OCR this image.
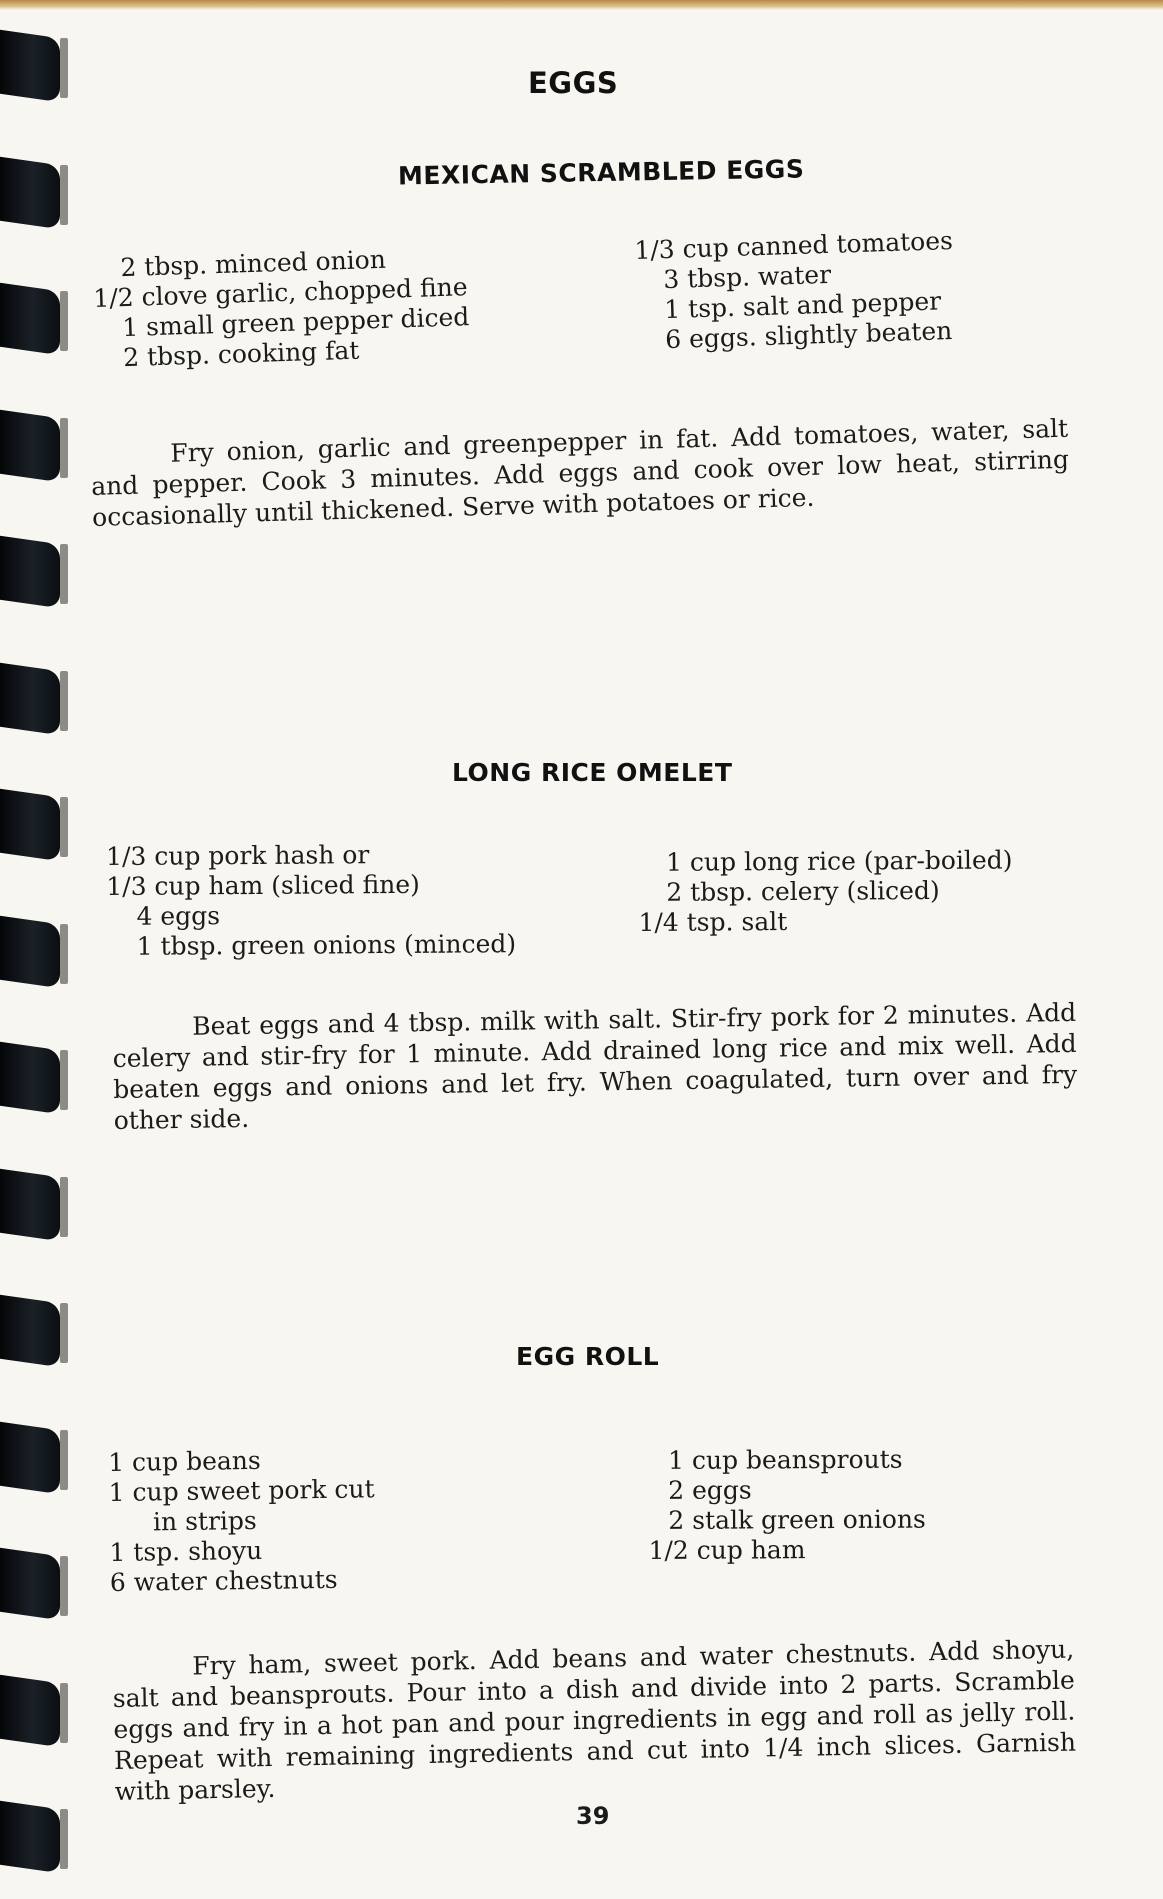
EGGS
MEXICAN SCRAMBLED EGGS
2 tbsp. minced onion
1/2 clove garlic, chopped fine
1 small green pepper diced
2 tbsp. cooking fat
1/3 cup canned tomatoes
3 tbsp. water
1 tsp. salt and pepper
6 eggs. slightly beaten
Fry onion, garlic and greenpepper in fat. Add tomatoes, water, salt and pepper. Cook 3 minutes. Add eggs and cook over low heat, stirring occasionally until thickened. Serve with potatoes or rice.
LONG RICE OMELET
1/3 cup pork hash or
1/3 cup ham (sliced fine)
4 eggs
1 tbsp. green onions (minced)
1 cup long rice (par-boiled)
2 tbsp. celery (sliced)
1/4 tsp. salt
Beat eggs and 4 tbsp. milk with salt. Stir-fry pork for 2 minutes. Add celery and stir-fry for 1 minute. Add drained long rice and mix well. Add beaten eggs and onions and let fry. When coagulated, turn over and fry other side.
EGG ROLL
1 cup beans
1 cup sweet pork cut
in strips
1 tsp. shoyu
6 water chestnuts
1 cup beansprouts
2 eggs
2 stalk green onions
1/2 cup ham
Fry ham, sweet pork. Add beans and water chestnuts. Add shoyu, salt and beansprouts. Pour into a dish and divide into 2 parts. Scramble eggs and fry in a hot pan and pour ingredients in egg and roll as jelly roll. Repeat with remaining ingredients and cut into 1/4 inch slices. Garnish with parsley.
39
